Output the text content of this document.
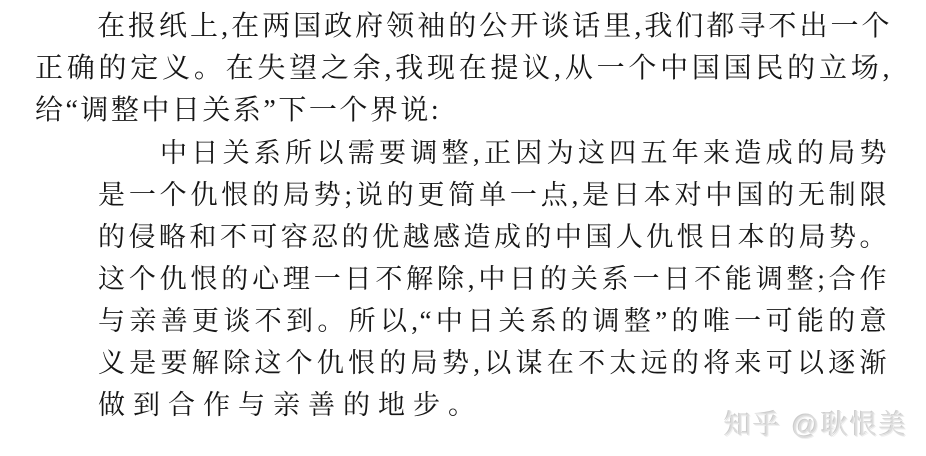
在报纸上,在两国政府领袖的公开谈话里,我们都寻不出一个
正确的定义。在失望之余,我现在提议,从一个中国国民的立场,
给“调整中日关系”下一个界说:
中日关系所以需要调整,正因为这四五年来造成的局势
是一个仇恨的局势;说的更简单一点,是日本对中国的无制限
的侵略和不可容忍的优越感造成的中国人仇恨日本的局势。
这个仇恨的心理一日不解除,中日的关系一日不能调整;合作
与亲善更谈不到。所以,“中日关系的调整”的唯一可能的意
义是要解除这个仇恨的局势,以谋在不太远的将来可以逐渐
做到合作与亲善的地步。
知乎 @耿恨美
